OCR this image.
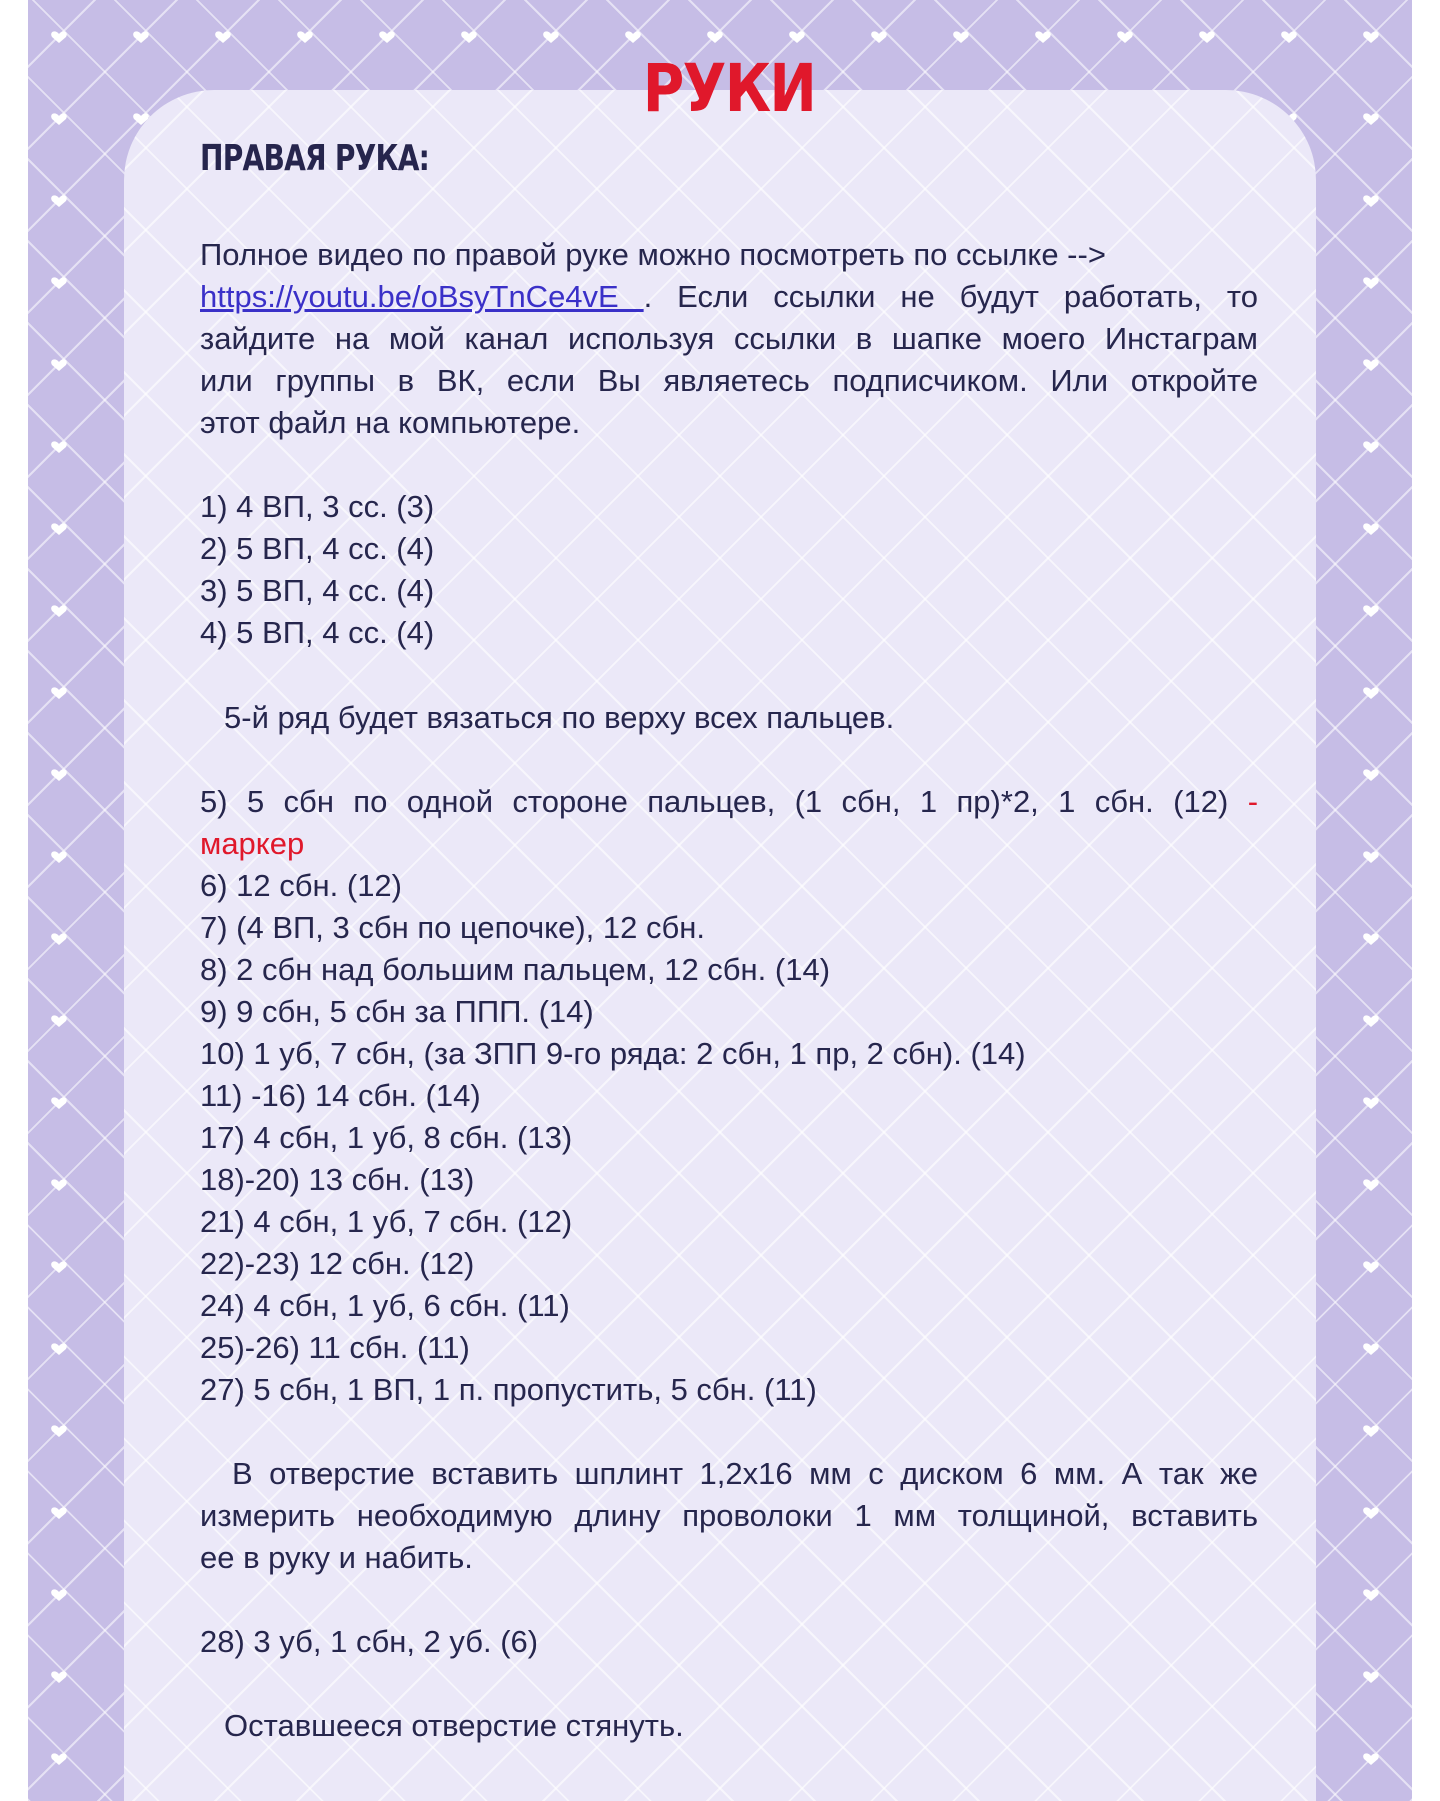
РУКИ

ПРАВАЯ РУКА:

Полное видео по правой руке можно посмотреть по ссылке -->

https://youtu.be/oBsyTnCe4vE . Если ссылки не будут работать, то

зайдите на мой канал используя ссылки в шапке моего Инстаграм

или группы в ВК, если Вы являетесь подписчиком. Или откройте

этот файл на компьютере.

1) 4 ВП, 3 сс. (3)

2) 5 ВП, 4 сс. (4)

3) 5 ВП, 4 сс. (4)

4) 5 ВП, 4 сс. (4)

5-й ряд будет вязаться по верху всех пальцев.

5) 5 сбн по одной стороне пальцев, (1 сбн, 1 пр)*2, 1 сбн. (12) -

маркер

6) 12 сбн. (12)

7) (4 ВП, 3 сбн по цепочке), 12 сбн.

8) 2 сбн над большим пальцем, 12 сбн. (14)

9) 9 сбн, 5 сбн за ППП. (14)

10) 1 уб, 7 сбн, (за ЗПП 9-го ряда: 2 сбн, 1 пр, 2 сбн). (14)

11) -16) 14 сбн. (14)

17) 4 сбн, 1 уб, 8 сбн. (13)

18)-20) 13 сбн. (13)

21) 4 сбн, 1 уб, 7 сбн. (12)

22)-23) 12 сбн. (12)

24) 4 сбн, 1 уб, 6 сбн. (11)

25)-26) 11 сбн. (11)

27) 5 сбн, 1 ВП, 1 п. пропустить, 5 сбн. (11)

В отверстие вставить шплинт 1,2х16 мм с диском 6 мм. А так же

измерить необходимую длину проволоки 1 мм толщиной, вставить

ее в руку и набить.

28) 3 уб, 1 сбн, 2 уб. (6)

Оставшееся отверстие стянуть.
